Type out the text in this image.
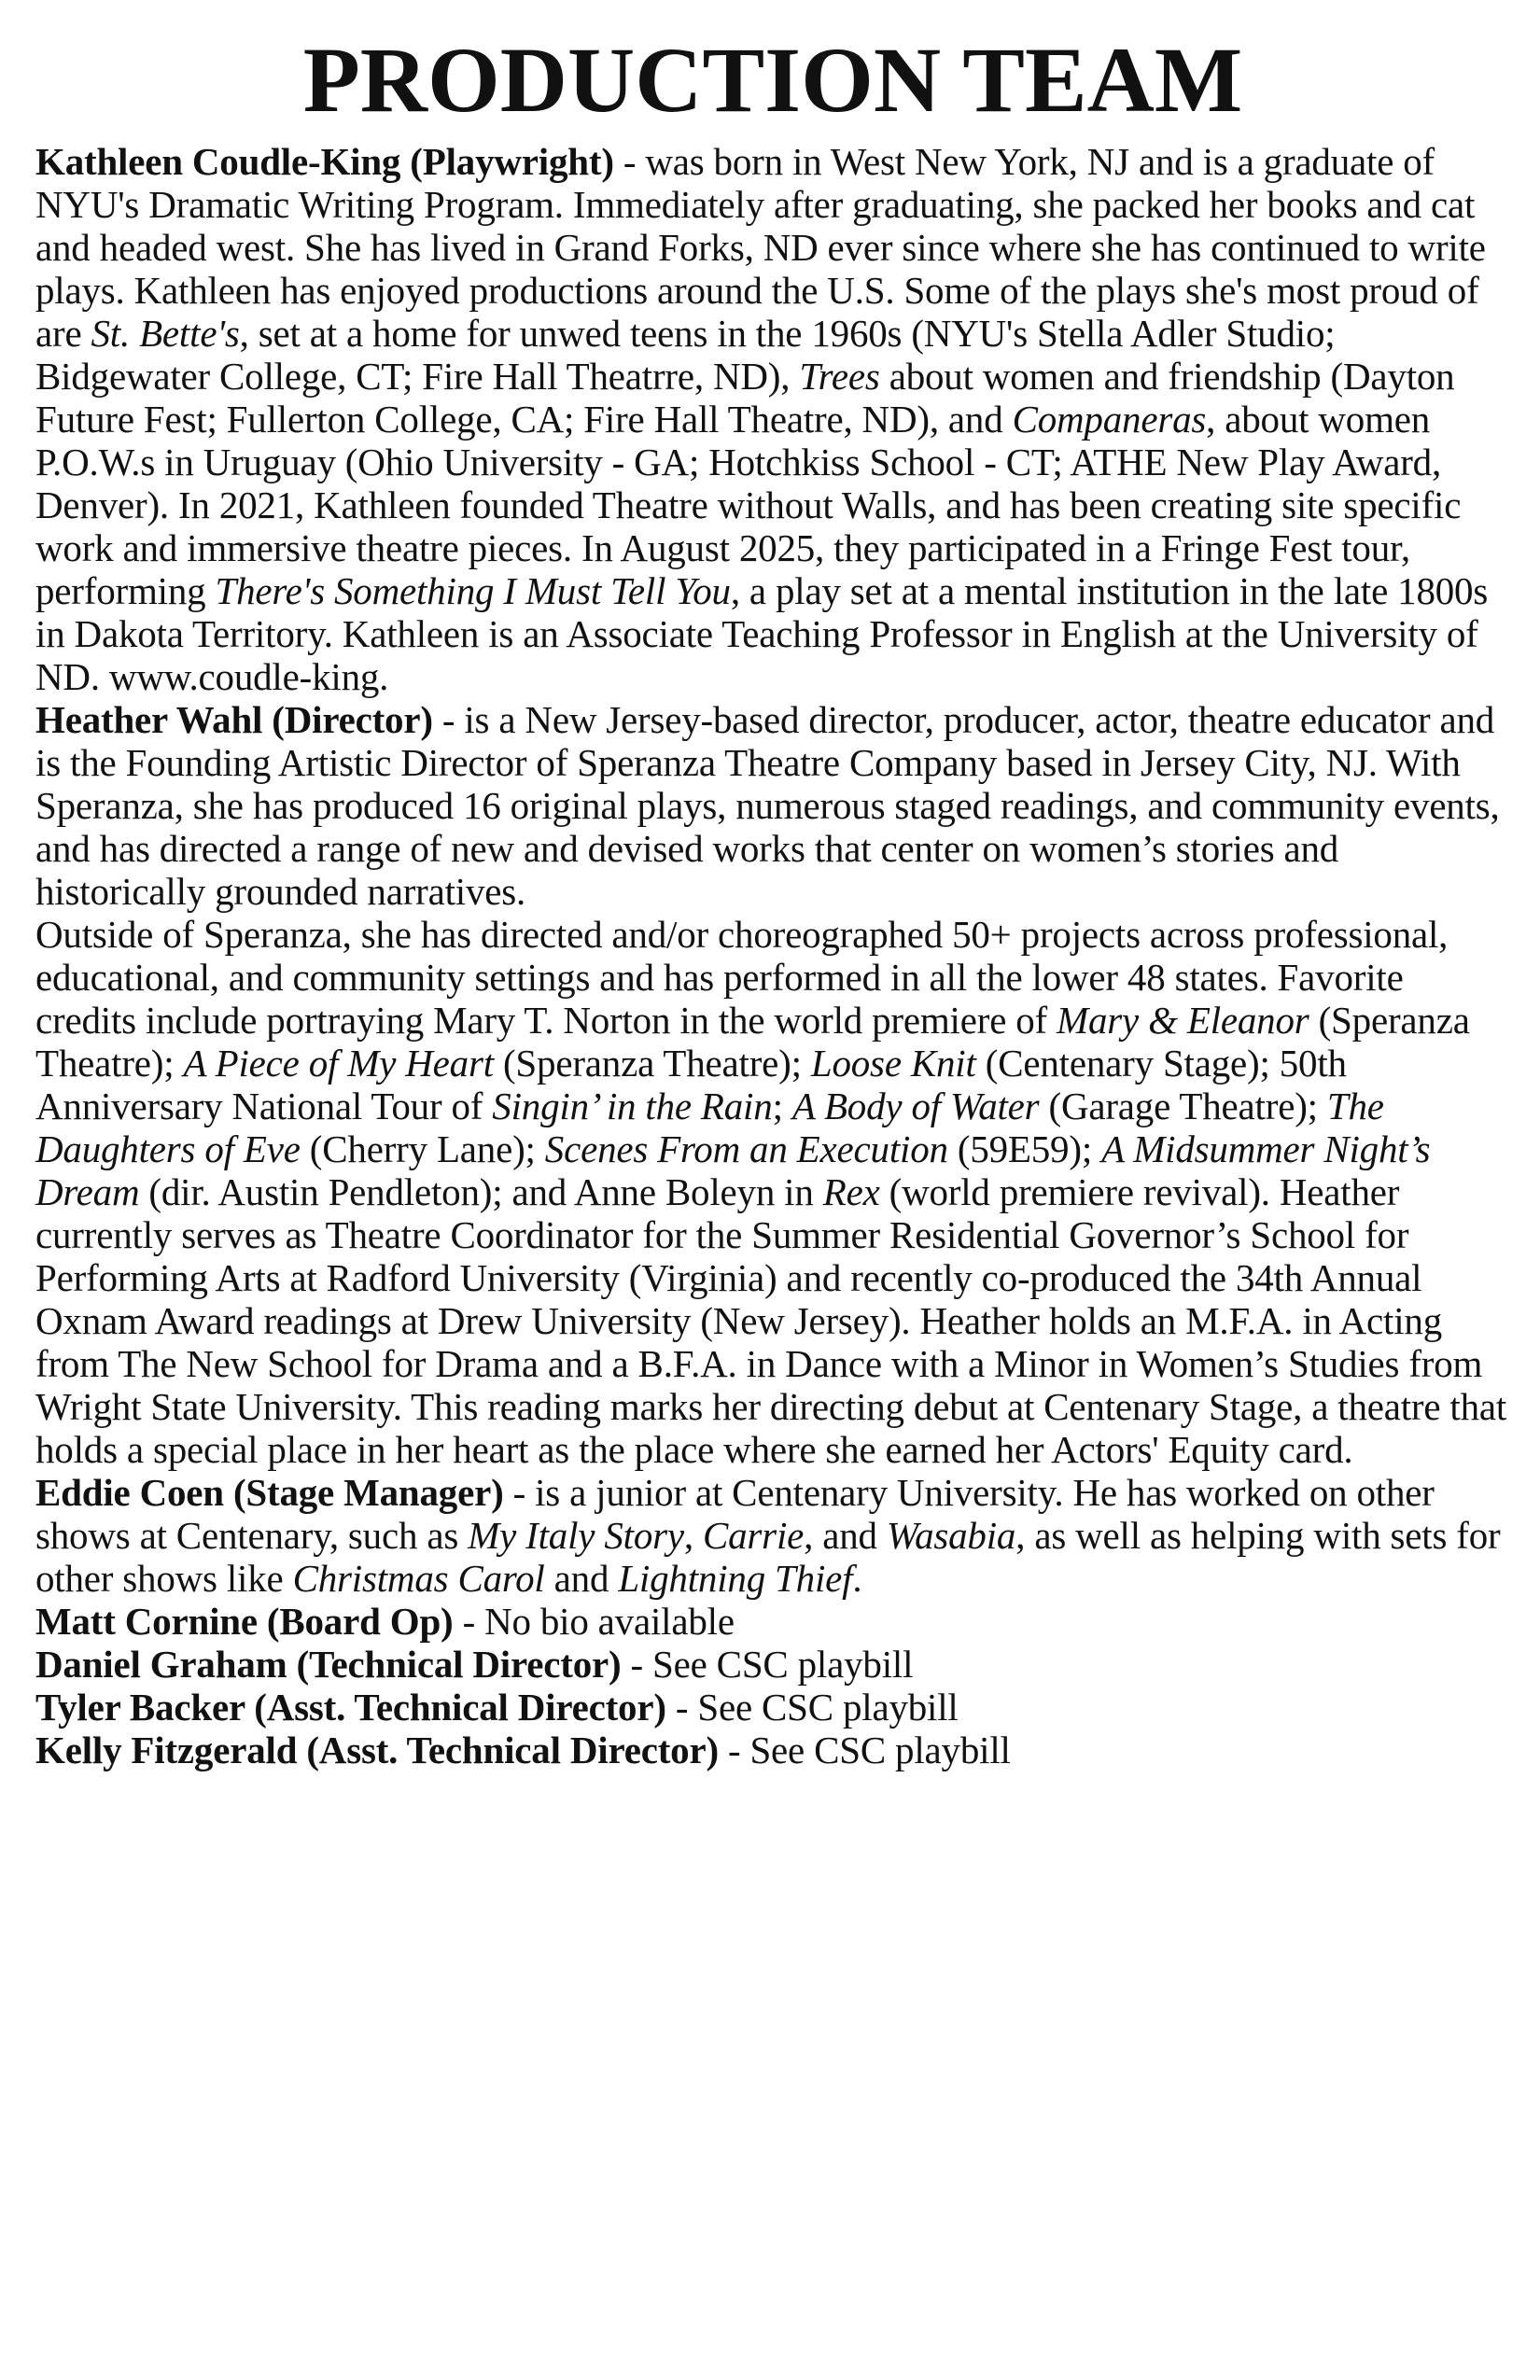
PRODUCTION TEAM

Kathleen Coudle-King (Playwright) - was born in West New York, NJ and is a graduate of NYU's Dramatic Writing Program. Immediately after graduating, she packed her books and cat and headed west. She has lived in Grand Forks, ND ever since where she has continued to write plays. Kathleen has enjoyed productions around the U.S. Some of the plays she's most proud of are St. Bette's, set at a home for unwed teens in the 1960s (NYU's Stella Adler Studio; Bidgewater College, CT; Fire Hall Theatrre, ND), Trees about women and friendship (Dayton Future Fest; Fullerton College, CA; Fire Hall Theatre, ND), and Companeras, about women P.O.W.s in Uruguay (Ohio University - GA; Hotchkiss School - CT; ATHE New Play Award, Denver). In 2021, Kathleen founded Theatre without Walls, and has been creating site specific work and immersive theatre pieces. In August 2025, they participated in a Fringe Fest tour, performing There's Something I Must Tell You, a play set at a mental institution in the late 1800s in Dakota Territory. Kathleen is an Associate Teaching Professor in English at the University of ND. www.coudle-king.

Heather Wahl (Director) - is a New Jersey-based director, producer, actor, theatre educator and is the Founding Artistic Director of Speranza Theatre Company based in Jersey City, NJ. With Speranza, she has produced 16 original plays, numerous staged readings, and community events, and has directed a range of new and devised works that center on women’s stories and historically grounded narratives.

Outside of Speranza, she has directed and/or choreographed 50+ projects across professional, educational, and community settings and has performed in all the lower 48 states. Favorite credits include portraying Mary T. Norton in the world premiere of Mary & Eleanor (Speranza Theatre); A Piece of My Heart (Speranza Theatre); Loose Knit (Centenary Stage); 50th Anniversary National Tour of Singin’ in the Rain; A Body of Water (Garage Theatre); The Daughters of Eve (Cherry Lane); Scenes From an Execution (59E59); A Midsummer Night’s Dream (dir. Austin Pendleton); and Anne Boleyn in Rex (world premiere revival). Heather currently serves as Theatre Coordinator for the Summer Residential Governor’s School for Performing Arts at Radford University (Virginia) and recently co-produced the 34th Annual Oxnam Award readings at Drew University (New Jersey). Heather holds an M.F.A. in Acting from The New School for Drama and a B.F.A. in Dance with a Minor in Women’s Studies from Wright State University. This reading marks her directing debut at Centenary Stage, a theatre that holds a special place in her heart as the place where she earned her Actors' Equity card.

Eddie Coen (Stage Manager) - is a junior at Centenary University. He has worked on other shows at Centenary, such as My Italy Story, Carrie, and Wasabia, as well as helping with sets for other shows like Christmas Carol and Lightning Thief.

Matt Cornine (Board Op) - No bio available

Daniel Graham (Technical Director) - See CSC playbill

Tyler Backer (Asst. Technical Director) - See CSC playbill

Kelly Fitzgerald (Asst. Technical Director) - See CSC playbill
